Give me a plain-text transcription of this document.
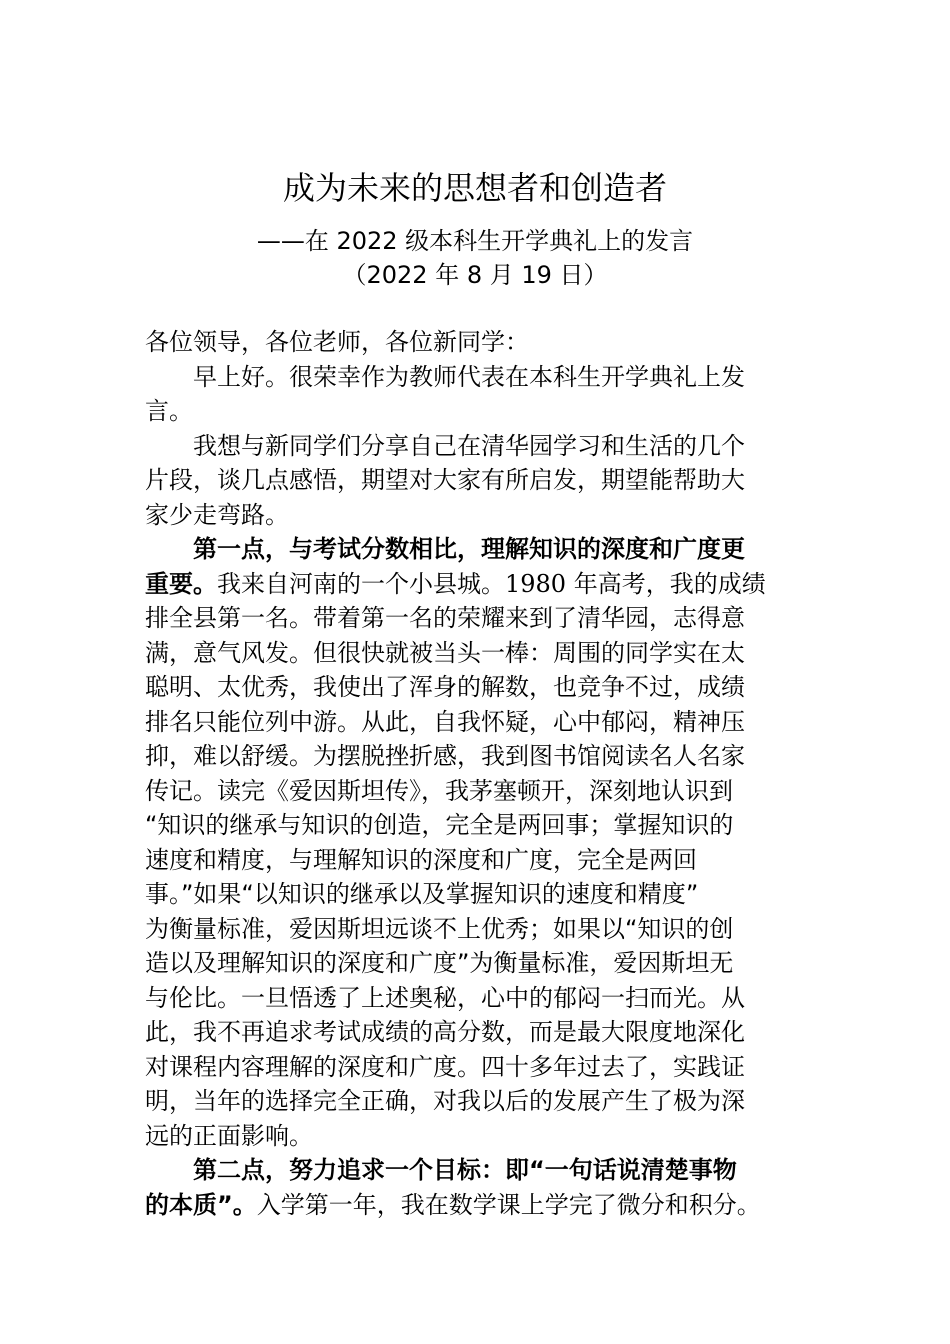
成为未来的思想者和创造者
——在 2022 级本科生开学典礼上的发言
（2022 年 8 月 19 日）

各位领导，各位老师，各位新同学：

早上好。很荣幸作为教师代表在本科生开学典礼上发

言。

我想与新同学们分享自己在清华园学习和生活的几个

片段，谈几点感悟，期望对大家有所启发，期望能帮助大
家少走弯路。

第一点，与考试分数相比，理解知识的深度和广度更

重要。我来自河南的一个小县城。1980 年高考，我的成绩
排全县第一名。带着第一名的荣耀来到了清华园，志得意
满，意气风发。但很快就被当头一棒：周围的同学实在太
聪明、太优秀，我使出了浑身的解数，也竞争不过，成绩
排名只能位列中游。从此，自我怀疑，心中郁闷，精神压
抑，难以舒缓。为摆脱挫折感，我到图书馆阅读名人名家
传记。读完《爱因斯坦传》，我茅塞顿开，深刻地认识到
“知识的继承与知识的创造，完全是两回事；掌握知识的
速度和精度，与理解知识的深度和广度，完全是两回
事。”如果“以知识的继承以及掌握知识的速度和精度”
为衡量标准，爱因斯坦远谈不上优秀；如果以“知识的创
造以及理解知识的深度和广度”为衡量标准，爱因斯坦无
与伦比。一旦悟透了上述奥秘，心中的郁闷一扫而光。从
此，我不再追求考试成绩的高分数，而是最大限度地深化
对课程内容理解的深度和广度。四十多年过去了，实践证
明，当年的选择完全正确，对我以后的发展产生了极为深
远的正面影响。

第二点，努力追求一个目标：即“一句话说清楚事物

的本质”。入学第一年，我在数学课上学完了微分和积分。
